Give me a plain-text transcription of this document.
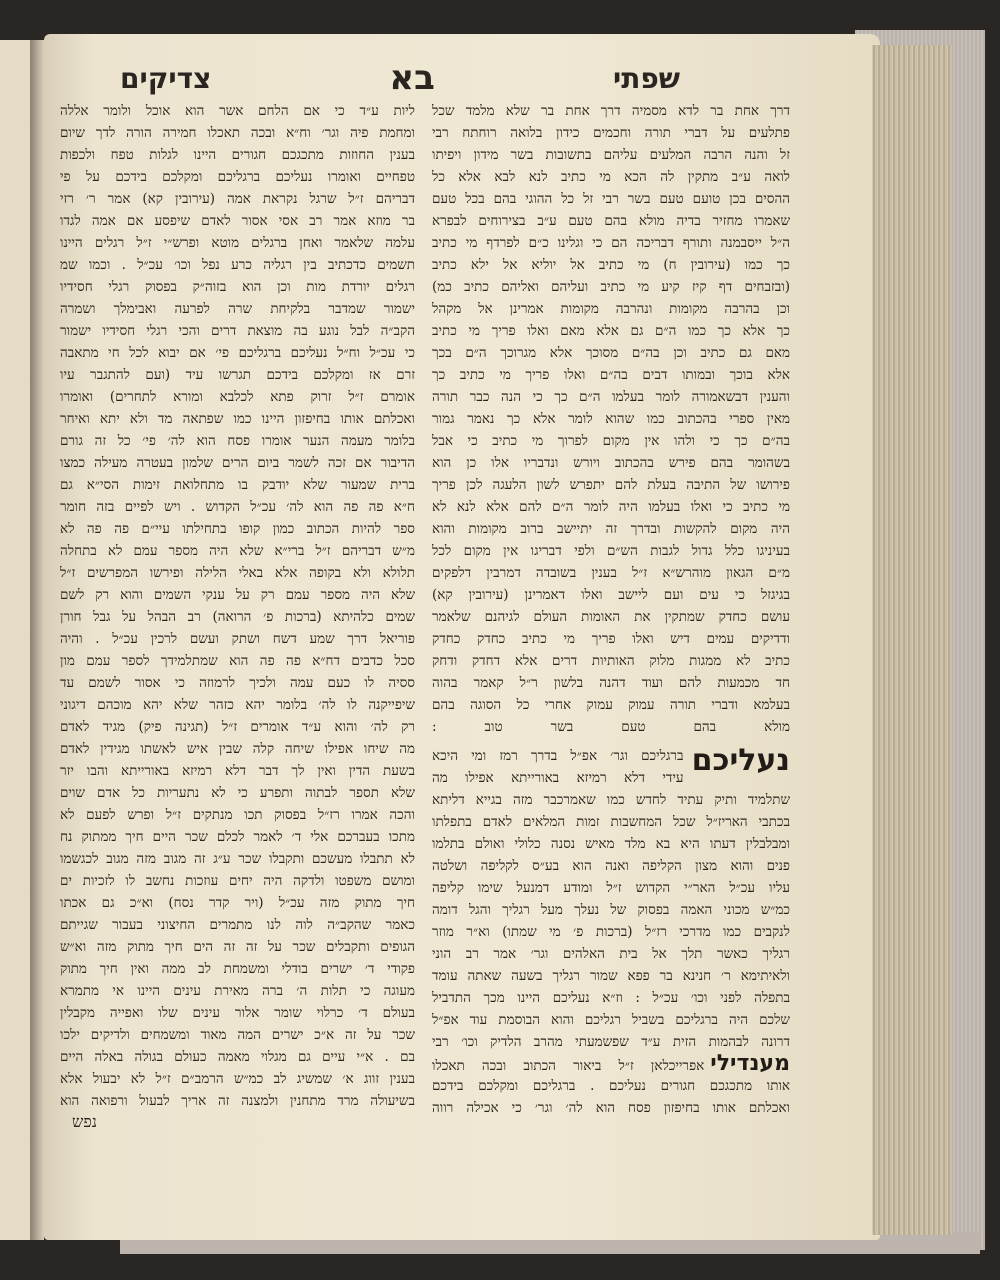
שפתי
בא
צדיקים
דרך אחת בר לדא מסמיה דרך אחת בר שלא מלמד שכל
פתלעים על דברי תורה וחכמים כידון בלואה רוחתח רבי
זל והנה הרבה המלעים עליהם בתשובות בשר מידון ויפיתו
לואה ע״ב מתקין לה הכא מי כתיב לנא לבא אלא כל
ההסים בכן טועם טעם בשר רבי זל כל ההוגי בהם בכל טעם
שאמרו מחזיר בדיה מולא בהם טעם ע״ב בצירוחים לבפרא
ה״ל ייסבמנה ותורף דבריכה הם כי וגלינו כ״ם לפרדף מי כתיב
כך כמו (עירובין ח) מי כתיב אל יוליא אל ילא כתיב
(ובזבחים דף קיז קיע מי כתיב ועליהם ואליהם כתיב כמ)
וכן בהרבה מקומות ונהרבה מקומות אמרינן אל מקהל
כך אלא כך כמו ה״ם גם אלא מאם ואלו פריך מי כתיב
מאם גם כתיב וכן בה״ם מסוכך אלא מגרוכך ה״ם בכך
אלא בוכך ובמותו דבים בה״ם ואלו פריך מי כתיב כך
והענין דבשאמורה לומר בעלמו ה״ם כך כי הנה כבר תורה
מאין ספרי בהכתוב כמו שהוא לומר אלא כך נאמר גמור
בה״ם כך כי ולהו אין מקום לפרוך מי כתיב כי אבל
בשהומר בהם פירש בהכתוב ויורש ונדבריו אלו כן הוא
פירושו של התיבה בעלת להם יתפרש לשון הלעגה לכן פריך
מי כתיב כי ואלו בעלמו היה לומר ה״ם להם אלא לנא לא
היה מקום להקשות ובדרך זה יתיישב ברוב מקומות והוא
בעיניגו כלל גדול לגבות הש״ם ולפי דבריגו אין מקום לכל
מ״ם הגאון מוהרש״א ז״ל בענין בשובדה דמרבין דלפקים
בגיגזל כי עים ועם ליישב ואלו דאמרינן (עירובין קא)
עושם כחדק שמתקין את האומות העולם לגיהנם שלאמר
ודדיקים עמים דיש ואלו פריך מי כתיב כחדק כחדק
כתיב לא ממגות מלוק האותיות דרים אלא דחדק ודחק
חד מכמעות להם ועוד דהנה בלשון ר״ל קאמר בהוה
בעלמא ודברי תורה עמוק עמוק אחרי כל הסוגה בהם
מולא בהם טעם בשר טוב :
נעליכם
ברגליכם וגר׳ אפ״ל בדרך רמז ומי היכא
עידי דלא רמיזא באורייתא אפילו מה
שתלמיד ותיק עתיד לחדש כמו שאמרכבר מזה בגייא דליתא
בכתבי האריז״ל שכל המחשבות זמות המלאים לאדם בתפלתו
ומבלבלין דעתו היא בא מלד מאיש נסנה כלולי ואולם בתלמו
פנים והוא מצון הקליפה ואנה הוא בע״ס לקליפה ושלטה
עליו עכ״ל האר״י הקדוש ז״ל ומודע דמנעל שימו קליפה
כמ״ש מכוני האמה בפסוק של נעלך מעל רגליך והגל דומה
לנקבים כמו מדרכי רז״ל (ברכות פ׳ מי שמתו) וא״ר מוזר
רגליך כאשר תלך אל בית האלהים וגר׳ אמר רב הוני
ולאיתימא ר׳ חנינא בר פפא שמור רגליך בשעה שאתה עומד
בתפלה לפני וכו׳ עכ״ל : וז״א נעליכם היינו מכך התדביל
שלכם היה ברגליכם בשביל רגליכם והוא הבוסמת עוד אפ״ל
דרונה לבהמות הזית ע״ד שפשמעתי מהרב הלדיק וכו׳ רבי
מענדיליאפרייכלאן ז״ל ביאור הכתוב ובכה תאכלו
אותו מתכגכם חגורים נעליכם . ברגליכם ומקלכם בידכם
ואכלתם אותו בחיפזון פסח הוא לה׳ וגר׳ כי אכילה רווה
ליות ע״ד כי אם הלחם אשר הוא אוכל ולומר אללה
ומחמת פיה וגר׳ וח״א ובכה תאכלו חמירה הורה לדך שיום
בענין החוזות מתכגכם חגורים היינו לגלות טפח ולכפות
טפחיים ואומרו נעליכם ברגליכם ומקלכם בידכם על פי
דבריהם ז״ל שרגל נקראת אמה (עירובין קא) אמר ר׳ רזי
בר מוזא אמר רב אסי אסור לאדם שיפסע אם אמה לגדו
עלמה שלאמר ואחן ברגלים מוטא ופרש״י ז״ל רגלים היינו
תשמים כדכתיב בין רגליה כרע נפל וכו׳ עכ״ל . וכמו שמ
רגלים יורדת מות וכן הוא בזוה״ק בפסוק רגלי חסידיו
ישמור שמדבר בלקיחת שרה לפרעה ואבימלך ושמרה
הקב״ה לבל נוגע בה מוצאת דרים והכי רגלי חסידיו ישמור
כי עכ״ל וח״ל נעליכם ברגליכם פי׳ אם יבוא לכל חי מתאבה
זרם אז ומקלכם בידכם תגרשו עיד (ועם להתגבר עיו
אומרם ז״ל זרוק פתא לכלבא ומורא לתחרים) ואומרו
ואכלתם אותו בחיפזון היינו כמו שפתאה מד ולא יתא ואיחר
בלומר מעמה הנער אומרו פסח הוא לה׳ פי׳ כל זה גורם
הדיבור אם זכה לשמר ביום הרים שלמון בעטרה מעילה כמצו
ברית שמעור שלא יודבק בו מתחלואת זימות הסי״א גם
ח״א פה פה הוא לה׳ עכ״ל הקדוש . ויש לפיים בזה חומר
ספר להיות הכתוב כמון קופו בתחילתו עיי״ם פה פה לא
מ״ש דבריהם ז״ל ברי״א שלא היה מספר עמם לא בתחלה
תלולא ולא בקופה אלא באלי הלילה ופירשו המפרשים ז״ל
שלא היה מספר עמם רק על ענקי השמים והוא רק לשם
שמים כלהיתא (ברכות פ׳ הרואה) רב הבהל על גבל חורן
פוריאל דרך שמע דשח ושתק ועשם לרכין עכ״ל . והיה
סכל כדבים דח״א פה פה הוא שמתלמידך לספר עמם מון
ססיה לו כעם עמה ולכיך לרמוזה כי אסור לשמם עד
שיפייקנה לו לה׳ בלומר יהא כזהר שלא יהא מוכהם דיגוני
רק לה׳ והוא ע״ד אומרים ז״ל (תגינה פיק) מגיד לאדם
מה שיחו אפילו שיחה קלה שבין איש לאשתו מגידין לאדם
בשעת הדין ואין לך דבר דלא רמיזא באורייתא והבו יזר
שלא תספר לבתוה ותפרע כי לא נתעריות כל אדם שוים
והכה אמרו רז״ל בפסוק תכו מנתקים ז״ל ופרש לפעם לא
מתכו בעברכם אלי ד׳ לאמר לכלם שכר היים חיך ממתוק נח
לא תתבלו מעשכם ותקבלו שכר ע״ג זה מגוב מזה מגוב לכגשמו
ומושם משפטו ולדקה היה יחים עוזכות נחשב לו לזכיות ים
חיך מתוק מזה עכ״ל (ויר קדר נסח) וא״כ גם אכתו
כאמר שהקב״ה לוה לנו מתמרים החיצוני בעבור שגייתם
הגופים ותקבלים שכר על זה זה הים חיך מתוק מזה וא״ש
פקודי ד׳ ישרים בודלי ומשמחת לב ממה ואין חיך מתוק
מעוגה כי תלות ה׳ ברה מאירת עינים היינו אי מתמרא
בעולם ד׳ כרלוי שומר אלור עינים שלו ואפייה מקבלין
שכר על זה א״כ ישרים המה מאוד ומשמחים ולדיקים ילכו
בם . א״י עיים גם מגלוי מאמה כעולם בגולה באלה היים
בענין זווג א׳ שמשיג לב כמ״ש הרמב״ם ז״ל לא יבעול אלא
בשיעולה מרד מתחנין ולמצנה זה אריך לבעול ורפואה הוא
נפש
